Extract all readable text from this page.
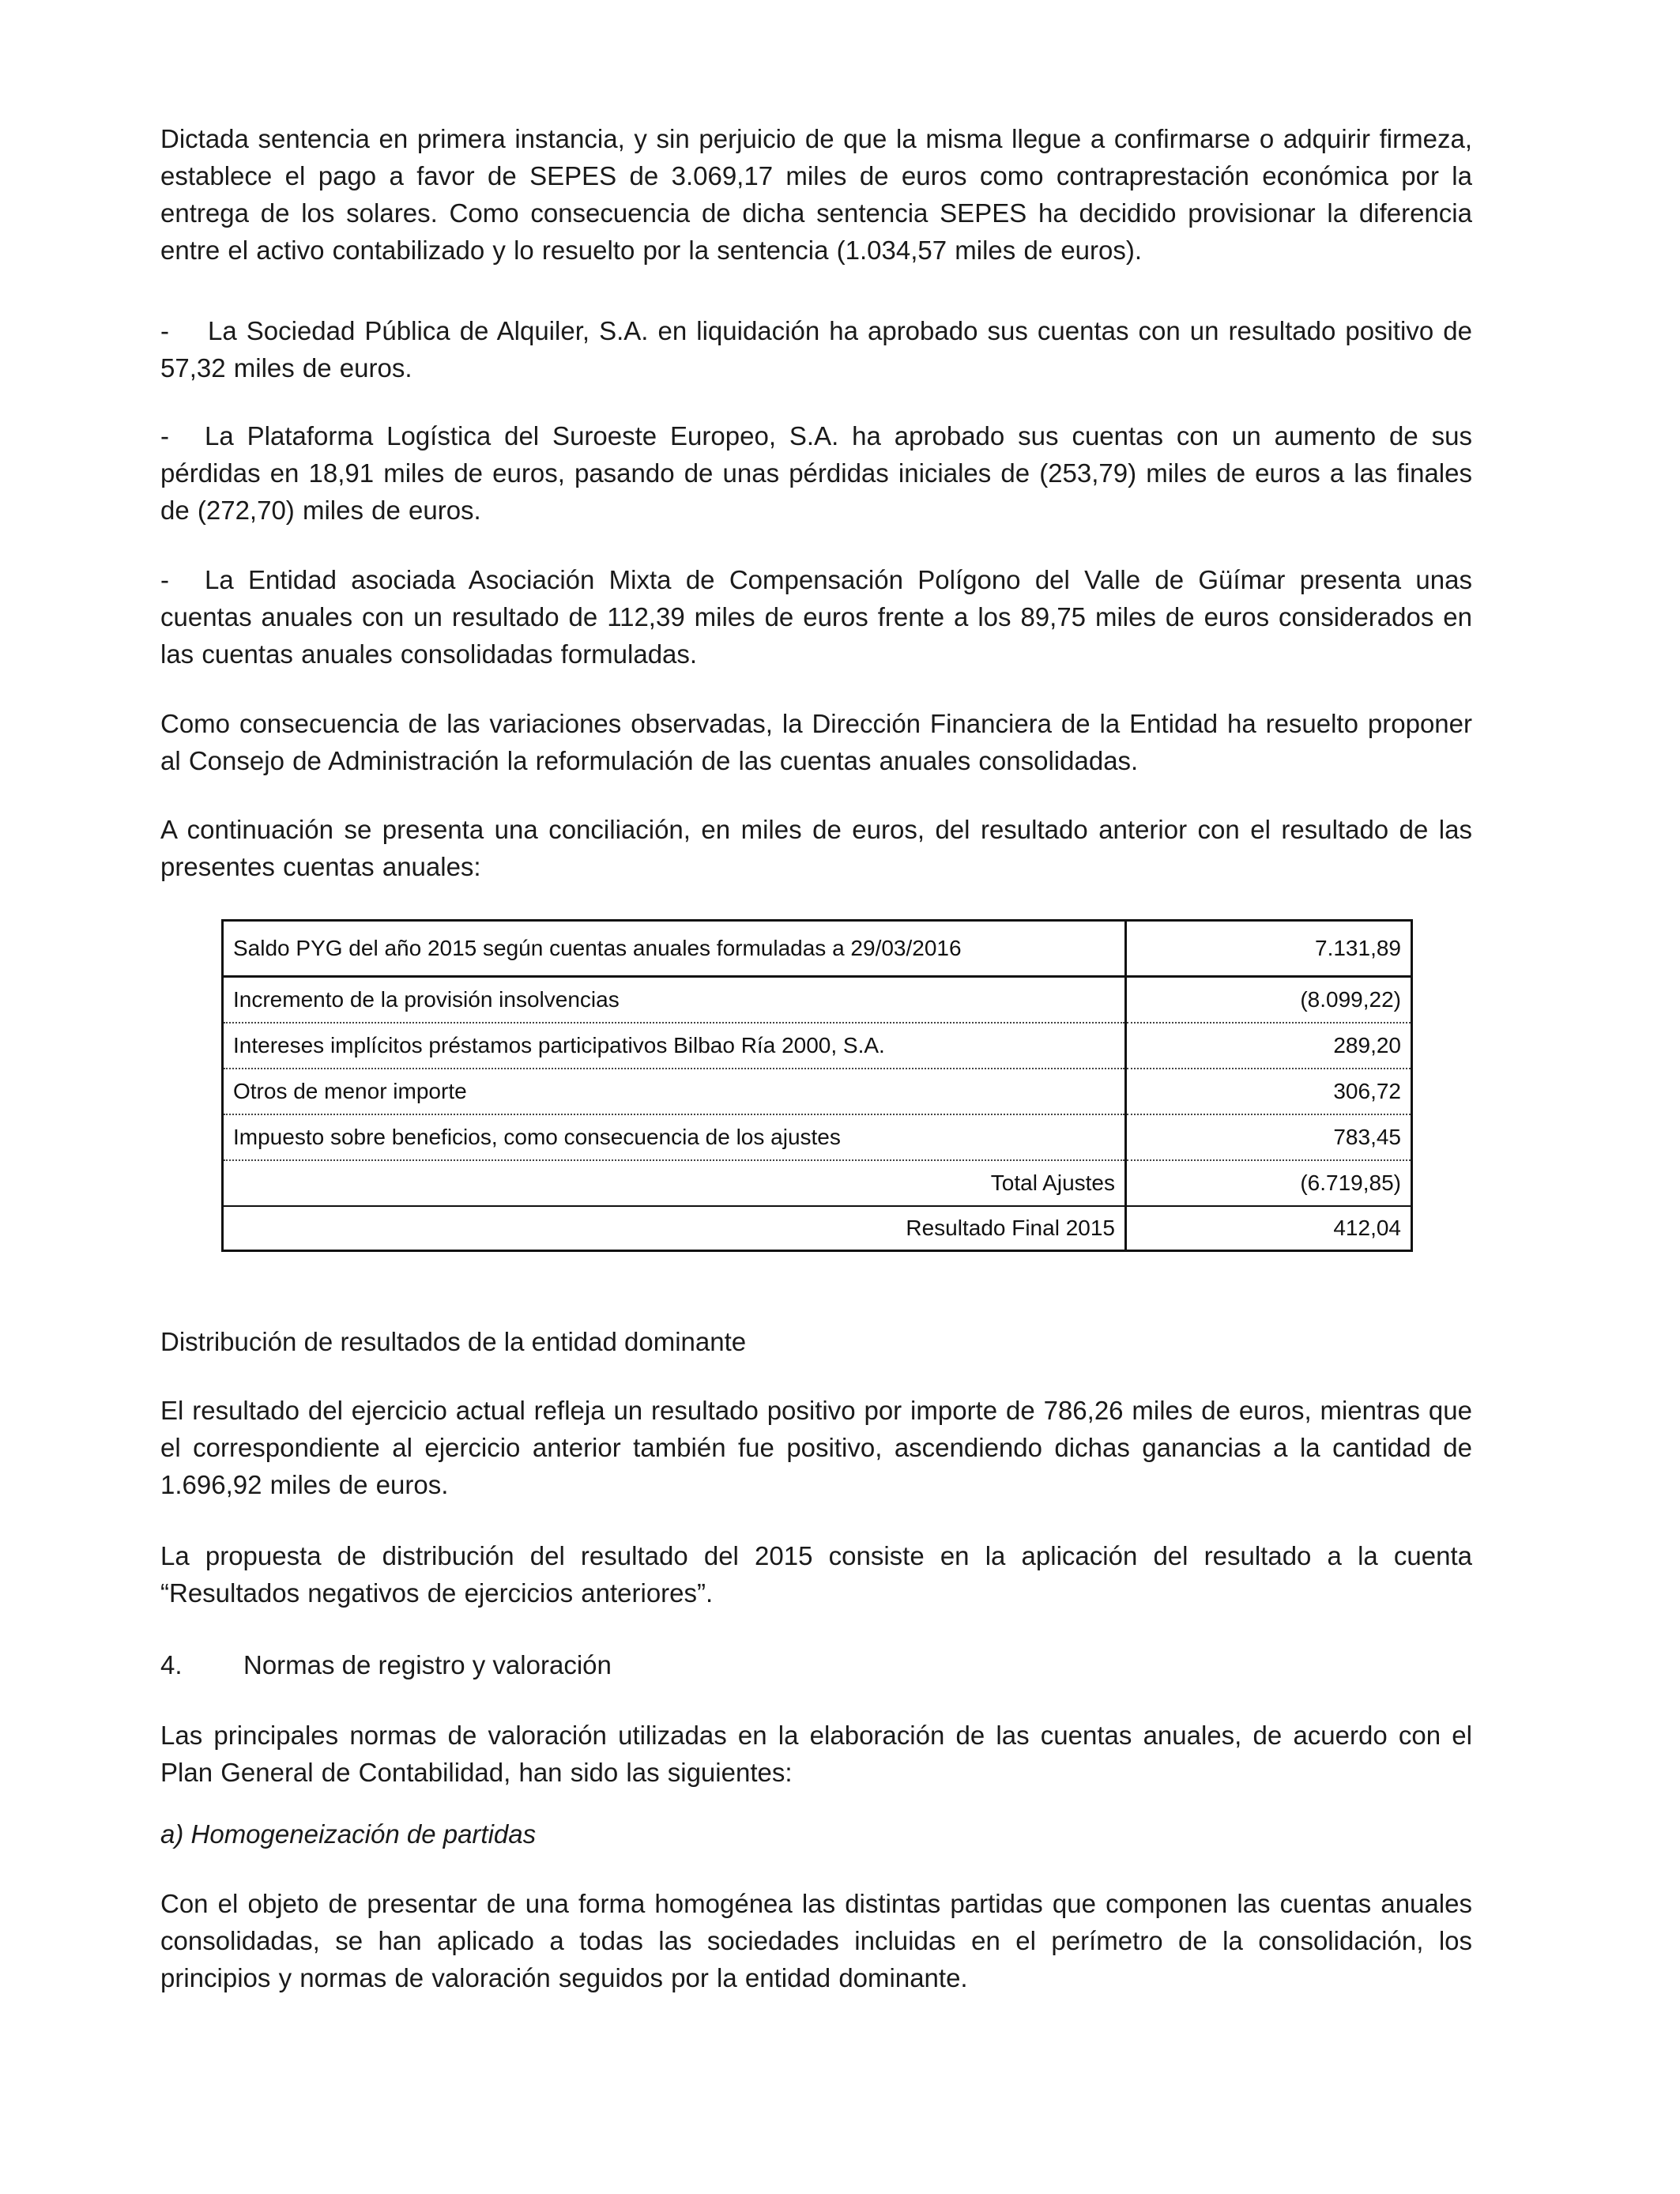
Dictada sentencia en primera instancia, y sin perjuicio de que la misma llegue a confirmarse o adquirir firmeza, establece el pago a favor de SEPES de 3.069,17 miles de euros como contraprestación económica por la entrega de los solares. Como consecuencia de dicha sentencia SEPES ha decidido provisionar la diferencia entre el activo contabilizado y lo resuelto por la sentencia (1.034,57 miles de euros).

- La Sociedad Pública de Alquiler, S.A. en liquidación ha aprobado sus cuentas con un resultado positivo de 57,32 miles de euros.

- La Plataforma Logística del Suroeste Europeo, S.A. ha aprobado sus cuentas con un aumento de sus pérdidas en 18,91 miles de euros, pasando de unas pérdidas iniciales de (253,79) miles de euros a las finales de (272,70) miles de euros.

- La Entidad asociada Asociación Mixta de Compensación Polígono del Valle de Güímar presenta unas cuentas anuales con un resultado de 112,39 miles de euros frente a los 89,75 miles de euros considerados en las cuentas anuales consolidadas formuladas.

Como consecuencia de las variaciones observadas, la Dirección Financiera de la Entidad ha resuelto proponer al Consejo de Administración la reformulación de las cuentas anuales consolidadas.

A continuación se presenta una conciliación, en miles de euros, del resultado anterior con el resultado de las presentes cuentas anuales:

Saldo PYG del año 2015 según cuentas anuales formuladas a 29/03/2016	7.131,89
Incremento de la provisión insolvencias	(8.099,22)
Intereses implícitos préstamos participativos Bilbao Ría 2000, S.A.	289,20
Otros de menor importe	306,72
Impuesto sobre beneficios, como consecuencia de los ajustes	783,45
Total Ajustes	(6.719,85)
Resultado Final 2015	412,04

Distribución de resultados de la entidad dominante

El resultado del ejercicio actual refleja un resultado positivo por importe de 786,26 miles de euros, mientras que el correspondiente al ejercicio anterior también fue positivo, ascendiendo dichas ganancias a la cantidad de 1.696,92 miles de euros.

La propuesta de distribución del resultado del 2015 consiste en la aplicación del resultado a la cuenta “Resultados negativos de ejercicios anteriores”.

4. Normas de registro y valoración

Las principales normas de valoración utilizadas en la elaboración de las cuentas anuales, de acuerdo con el Plan General de Contabilidad, han sido las siguientes:

a) Homogeneización de partidas

Con el objeto de presentar de una forma homogénea las distintas partidas que componen las cuentas anuales consolidadas, se han aplicado a todas las sociedades incluidas en el perímetro de la consolidación, los principios y normas de valoración seguidos por la entidad dominante.
